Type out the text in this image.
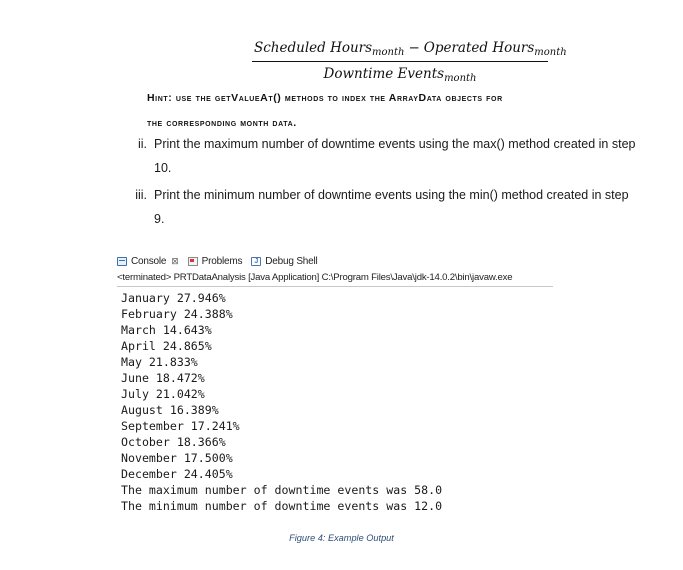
Scheduled Hours$_{month}$ − Operated Hours$_{month}$
Downtime Events$_{month}$
Hint: use the getValueAt() methods to index the ArrayData objects for
the corresponding month data.
ii. Print the maximum number of downtime events using the max() method created in step
10.
iii. Print the minimum number of downtime events using the min() method created in step
9.
Console ⊠ Problems	J Debug Shell
<terminated> PRTDataAnalysis [Java Application] C:\Program Files\Java\jdk-14.0.2\bin\javaw.exe
January 27.946%
February 24.388%
March 14.643%
April 24.865%
May 21.833%
June 18.472%
July 21.042%
August 16.389%
September 17.241%
October 18.366%
November 17.500%
December 24.405%
The maximum number of downtime events was 58.0
The minimum number of downtime events was 12.0
Figure 4: Example Output
